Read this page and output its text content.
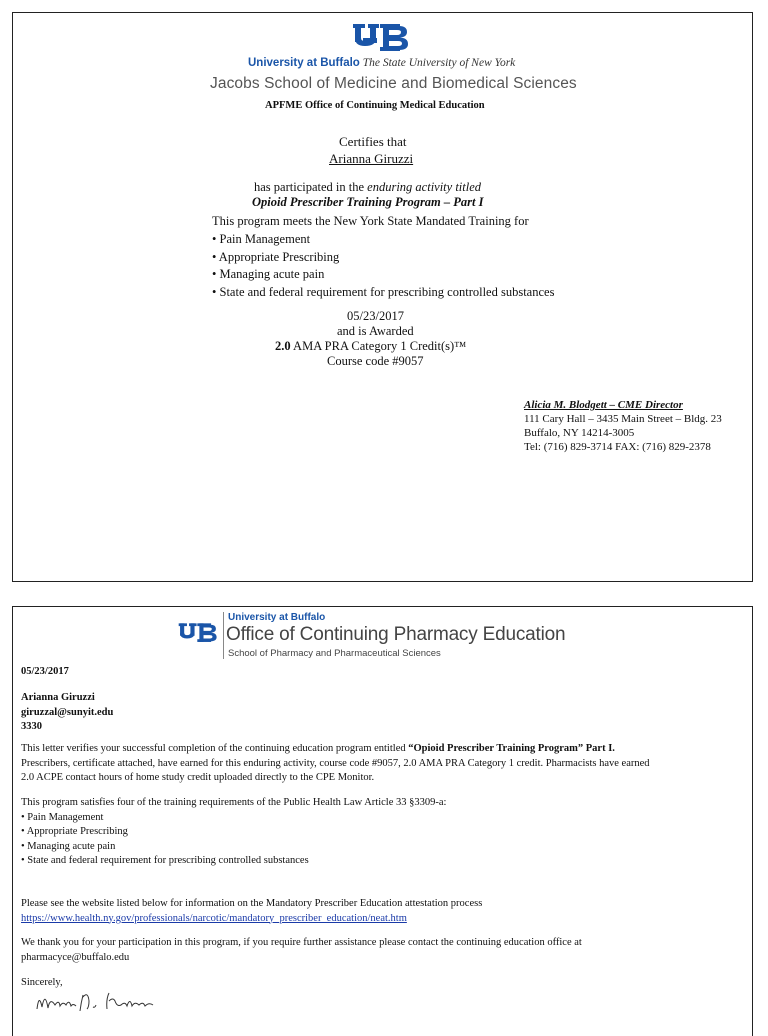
University at Buffalo The State University of New York
Jacobs School of Medicine and Biomedical Sciences
APFME Office of Continuing Medical Education
Certifies that
Arianna Giruzzi
has participated in the enduring activity titled
Opioid Prescriber Training Program – Part I
This program meets the New York State Mandated Training for
• Pain Management
• Appropriate Prescribing
• Managing acute pain
• State and federal requirement for prescribing controlled substances
05/23/2017
and is Awarded
2.0 AMA PRA Category 1 Credit(s)™
Course code #9057
Alicia M. Blodgett – CME Director
111 Cary Hall – 3435 Main Street – Bldg. 23
Buffalo, NY 14214-3005
Tel: (716) 829-3714 FAX: (716) 829-2378
University at Buffalo
Office of Continuing Pharmacy Education
School of Pharmacy and Pharmaceutical Sciences
05/23/2017
Arianna Giruzzi
giruzzal@sunyit.edu
3330
This letter verifies your successful completion of the continuing education program entitled “Opioid Prescriber Training Program” Part I.
Prescribers, certificate attached, have earned for this enduring activity, course code #9057, 2.0 AMA PRA Category 1 credit. Pharmacists have earned
2.0 ACPE contact hours of home study credit uploaded directly to the CPE Monitor.
This program satisfies four of the training requirements of the Public Health Law Article 33 §3309-a:
• Pain Management
• Appropriate Prescribing
• Managing acute pain
• State and federal requirement for prescribing controlled substances
Please see the website listed below for information on the Mandatory Prescriber Education attestation process
https://www.health.ny.gov/professionals/narcotic/mandatory_prescriber_education/neat.htm
We thank you for your participation in this program, if you require further assistance please contact the continuing education office at
pharmacyce@buffalo.edu
Sincerely,
